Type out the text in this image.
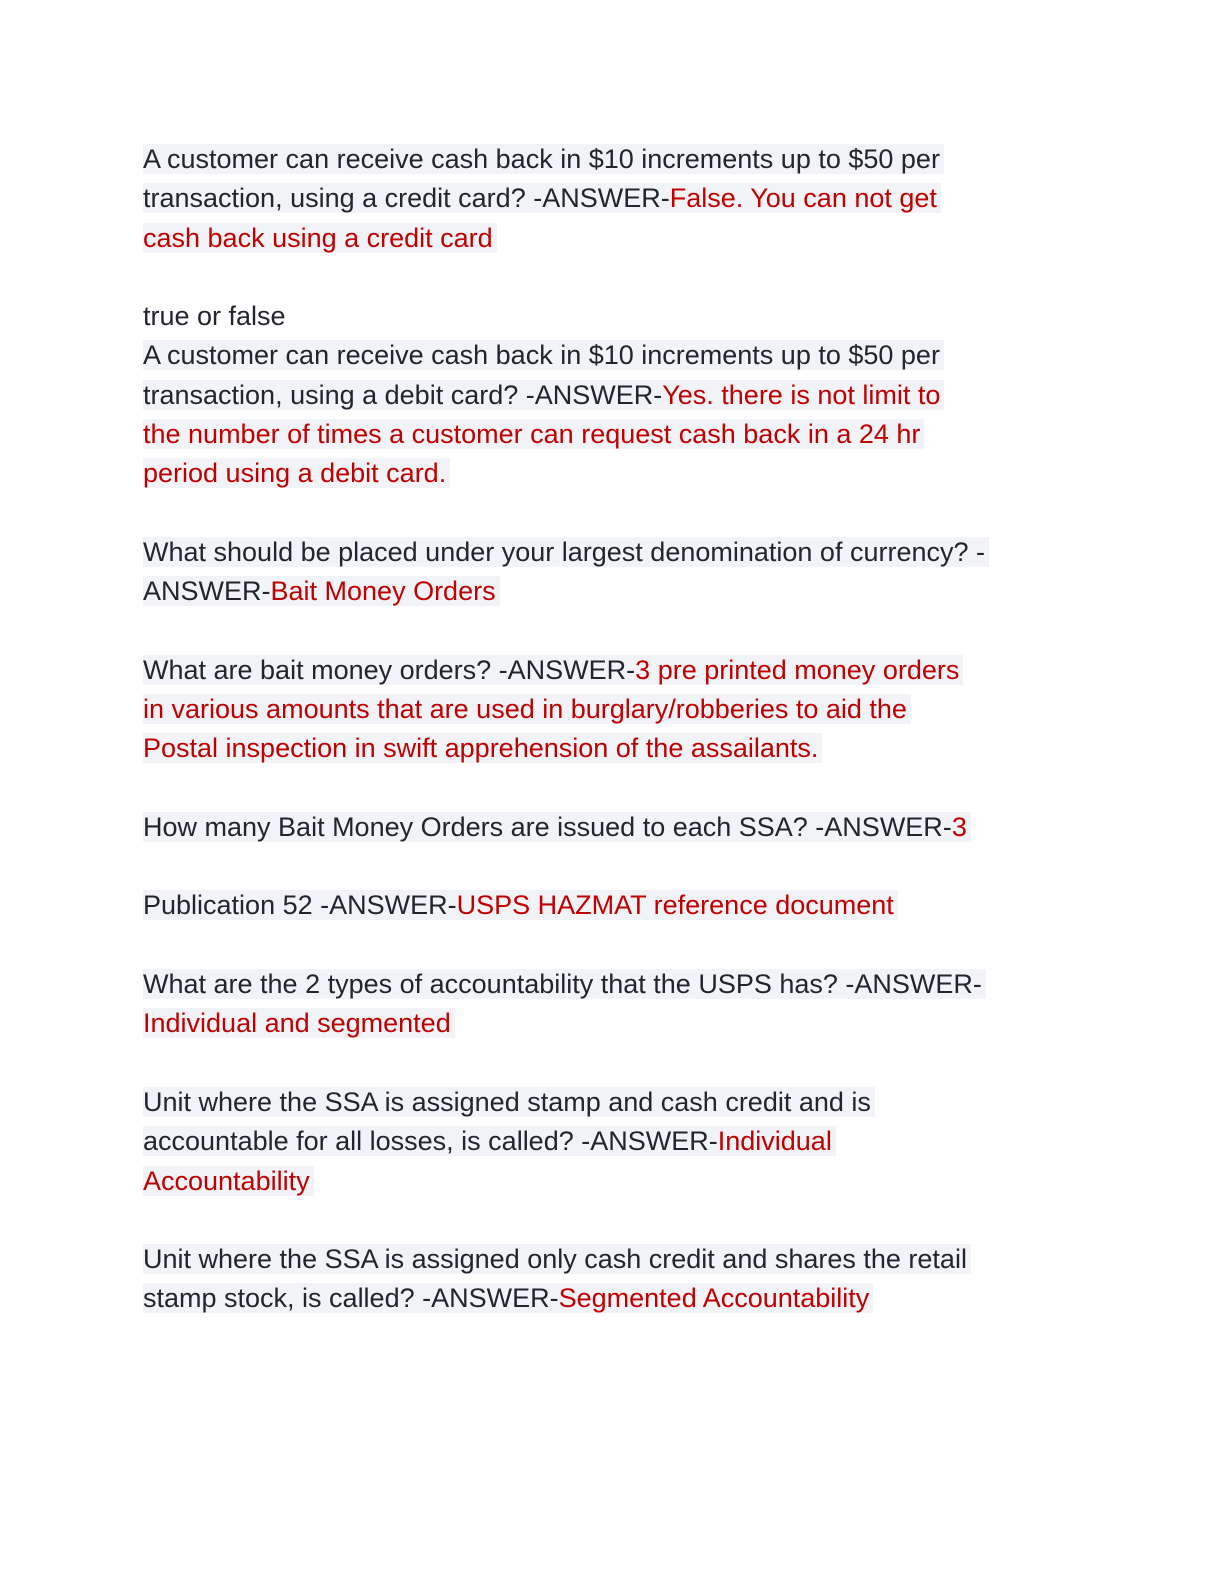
A customer can receive cash back in $10 increments up to $50 per
transaction, using a credit card? -ANSWER-False. You can not get
cash back using a credit card
true or false
A customer can receive cash back in $10 increments up to $50 per
transaction, using a debit card? -ANSWER-Yes. there is not limit to
the number of times a customer can request cash back in a 24 hr
period using a debit card.
What should be placed under your largest denomination of currency? -
ANSWER-Bait Money Orders
What are bait money orders? -ANSWER-3 pre printed money orders
in various amounts that are used in burglary/robberies to aid the
Postal inspection in swift apprehension of the assailants.
How many Bait Money Orders are issued to each SSA? -ANSWER-3
Publication 52 -ANSWER-USPS HAZMAT reference document
What are the 2 types of accountability that the USPS has? -ANSWER-
Individual and segmented
Unit where the SSA is assigned stamp and cash credit and is
accountable for all losses, is called? -ANSWER-Individual
Accountability
Unit where the SSA is assigned only cash credit and shares the retail
stamp stock, is called? -ANSWER-Segmented Accountability
